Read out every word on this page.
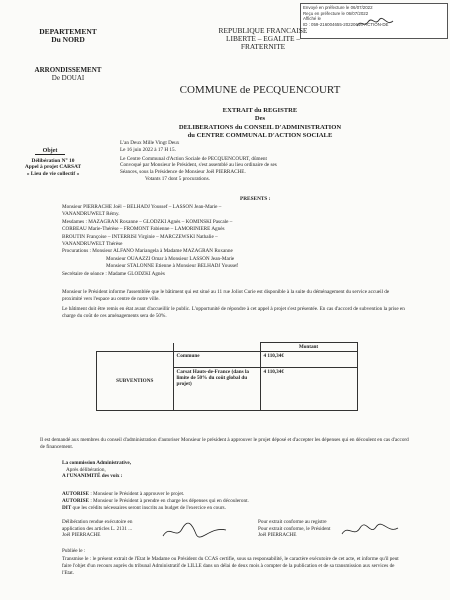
Envoyé en préfecture le 06/07/2022
Reçu en préfecture le 06/07/2022
Affiché le
ID : 059-216004655-20220616-ACTION-DE
DEPARTEMENT
Du NORD
REPUBLIQUE FRANCAISE
LIBERTE – EGALITE – FRATERNITE
ARRONDISSEMENT
De DOUAI
COMMUNE de PECQUENCOURT
EXTRAIT du REGISTRE
Des
DELIBERATIONS du CONSEIL D'ADMINISTRATION
du CENTRE COMMUNAL D'ACTION SOCIALE
Objet
Délibération N° 10
Appel à projet CARSAT
« Lieu de vie collectif »
L'an Deux Mille Vingt Deux
Le 16 juin 2022 à 17 H 15.
Le Centre Communal d'Action Sociale de PECQUENCOURT, dûment
Convoqué par Monsieur le Président, s'est assemblé au lieu ordinaire de ses
Séances, sous la Présidence de Monsieur Joël PIERRACHE.
Votants 17 dont 5 procurations.
PRESENTS :
Monsieur PIERRACHE Joël – BELHADJ Youssef – LASSON Jean-Marie –
VANANDRUWELT Rémy.
Mesdames : MAZAGRAN Roxanne – GLODZKI Agnès – KOMINSKI Pascale –
CORBEAU Marie-Thérèse – FROMONT Fabienne – LAMORINIERE Agnès
BROUTIN Françoise – INTERRISI Virginie – MARCZEWSKI Nathalie –
VANANDRUWELT Thérèse
Procurations : Monsieur ALFANO Mariangela à Madame MAZAGRAN Roxanne
Monsieur OUAAZZI Omar à Monsieur LASSON Jean-Marie
Monsieur STALONNE Etienne à Monsieur BELHADJ Youssef
Secrétaire de séance : Madame GLODZKI Agnès
Monsieur le Président informe l'assemblée que le bâtiment qui est situé au 11 rue Joliot Curie est disponible à la suite du déménagement du service accueil de proximité vers l'espace au centre de notre ville.
Le bâtiment doit être remis en état avant d'accueillir le public. L'opportunité de répondre à cet appel à projet s'est présentée. En cas d'accord de subvention la prise en charge du coût de ces aménagements sera de 50%.
		Montant
SUBVENTIONS	Commune	4 110,34€
	Carsat Hauts-de-France (dans la limite de 50% du coût global du projet)	4 110,34€
Il est demandé aux membres du conseil d'administration d'autoriser Monsieur le président à approuver le projet déposé et d'accepter les dépenses qui en découlent en cas d'accord de financement.
La commission Administrative,
Après délibération,
A l'UNANIMITÉ des voix :
AUTORISE : Monsieur le Président à approuver le projet.
AUTORISE : Monsieur le Président à prendre en charge les dépenses qui en découleront.
DIT que les crédits nécessaires seront inscrits au budget de l'exercice en cours.
Délibération rendue exécutoire en
application des articles L. 2131 ...
Joël PIERRACHE
Pour extrait conforme au registre
Pour extrait conforme, le Président
Joël PIERRACHE
Publiée le :
Transmise le : le présent extrait de l'Etat le Madame ou Président du CCAS certifie, sous sa responsabilité, le caractère exécutoire de cet acte, et informe qu'il peut faire l'objet d'un recours auprès du tribunal Administratif de LILLE dans un délai de deux mois à compter de la publication et de sa transmission aux services de l'Etat.
